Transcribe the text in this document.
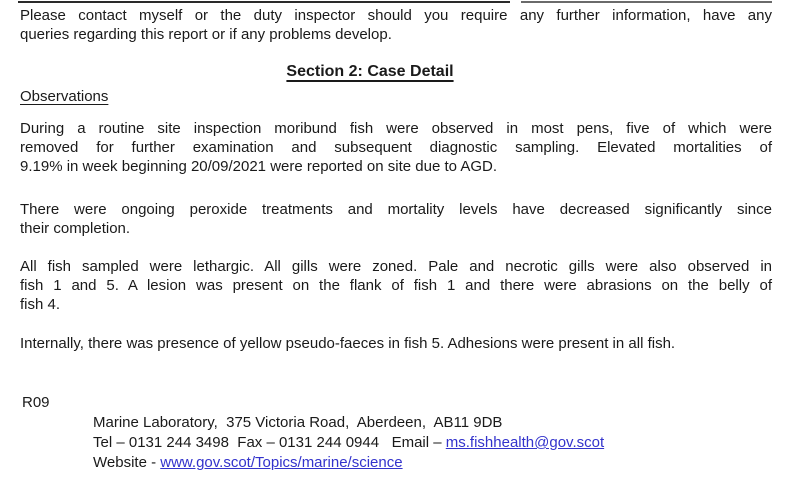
Please contact myself or the duty inspector should you require any further information, have any
queries regarding this report or if any problems develop.
Section 2: Case Detail
Observations
During a routine site inspection moribund fish were observed in most pens, five of which were
removed for further examination and subsequent diagnostic sampling. Elevated mortalities of
9.19% in week beginning 20/09/2021 were reported on site due to AGD.
There were ongoing peroxide treatments and mortality levels have decreased significantly since
their completion.
All fish sampled were lethargic. All gills were zoned. Pale and necrotic gills were also observed in
fish 1 and 5. A lesion was present on the flank of fish 1 and there were abrasions on the belly of
fish 4.
Internally, there was presence of yellow pseudo-faeces in fish 5. Adhesions were present in all fish.
R09
Marine Laboratory,  375 Victoria Road,  Aberdeen,  AB11 9DB
Tel – 0131 244 3498  Fax – 0131 244 0944   Email – ms.fishhealth@gov.scot
Website - www.gov.scot/Topics/marine/science
